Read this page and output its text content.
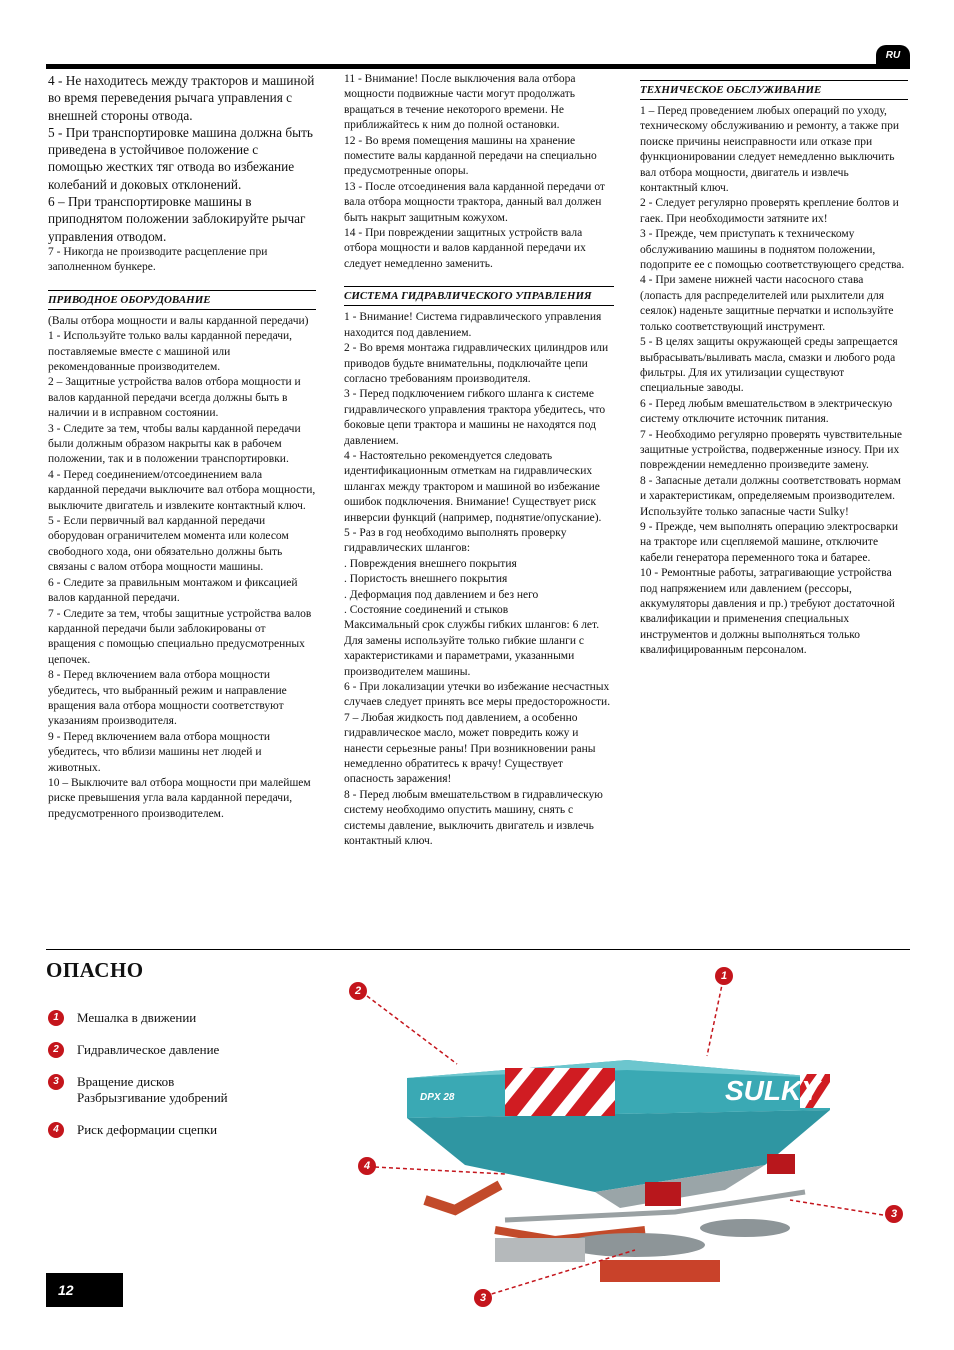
RU

4 - Не находитесь между тракторов и машиной во время переведения рычага управления с внешней стороны отвода.

5 - При транспортировке машина должна быть приведена в устойчивое положение с помощью жестких тяг отвода во избежание колебаний и доковых отклонений.

6 – При транспортировке машины в приподнятом положении заблокируйте рычаг управления отводом.

7 - Никогда не производите расцепление при заполненном бункере.

ПРИВОДНОЕ ОБОРУДОВАНИЕ

(Валы отбора мощности и валы карданной передачи)

1 - Используйте только валы карданной передачи, поставляемые вместе с машиной или рекомендованные производителем.

2 – Защитные устройства валов отбора мощности и валов карданной передачи всегда должны быть в наличии и в исправном состоянии.

3 - Следите за тем, чтобы валы карданной передачи были должным образом накрыты как в рабочем положении, так и в положении транспортировки.

4 - Перед соединением/отсоединением вала карданной передачи выключите вал отбора мощности, выключите двигатель и извлеките контактный ключ.

5 - Если первичный вал карданной передачи оборудован ограничителем момента или колесом свободного хода, они обязательно должны быть связаны с валом отбора мощности машины.

6 - Следите за правильным монтажом и фиксацией валов карданной передачи.

7 - Следите за тем, чтобы защитные устройства валов карданной передачи были заблокированы от вращения с помощью специально предусмотренных цепочек.

8 - Перед включением вала отбора мощности убедитесь, что выбранный режим и направление вращения вала отбора мощности соответствуют указаниям производителя.

9 - Перед включением вала отбора мощности убедитесь, что вблизи машины нет людей и животных.

10 – Выключите вал отбора мощности при малейшем риске превышения угла вала карданной передачи, предусмотренного производителем.

11 - Внимание! После выключения вала отбора мощности подвижные части могут продолжать вращаться в течение некоторого времени. Не приближайтесь к ним до полной остановки.

12 - Во время помещения машины на хранение поместите валы карданной передачи на специально предусмотренные опоры.

13 - После отсоединения вала карданной передачи от вала отбора мощности трактора, данный вал должен быть накрыт защитным кожухом.

14 - При повреждении защитных устройств вала отбора мощности и валов карданной передачи их следует немедленно заменить.

СИСТЕМА ГИДРАВЛИЧЕСКОГО УПРАВЛЕНИЯ

1 - Внимание! Система гидравлического управления находится под давлением.

2 - Во время монтажа гидравлических цилиндров или приводов будьте внимательны, подключайте цепи согласно требованиям производителя.

3 - Перед подключением гибкого шланга к системе гидравлического управления трактора убедитесь, что боковые цепи трактора и машины не находятся под давлением.

4 - Настоятельно рекомендуется следовать идентификационным отметкам на гидравлических шлангах между трактором и машиной во избежание ошибок подключения. Внимание! Существует риск инверсии функций (например, поднятие/опускание).

5 - Раз в год необходимо выполнять проверку гидравлических шлангов:

. Повреждения внешнего покрытия

. Пористость внешнего покрытия

. Деформация под давлением и без него

. Состояние соединений и стыков

Максимальный срок службы гибких шлангов: 6 лет. Для замены используйте только гибкие шланги с характеристиками и параметрами, указанными производителем машины.

6 - При локализации утечки во избежание несчастных случаев следует принять все меры предосторожности.

7 – Любая жидкость под давлением, а особенно гидравлическое масло, может повредить кожу и нанести серьезные раны! При возникновении раны немедленно обратитесь к врачу! Существует опасность заражения!

8 - Перед любым вмешательством в гидравлическую систему необходимо опустить машину, снять с системы давление, выключить двигатель и извлечь контактный ключ.

ТЕХНИЧЕСКОЕ ОБСЛУЖИВАНИЕ

1 – Перед проведением любых операций по уходу, техническому обслуживанию и ремонту, а также при поиске причины неисправности или отказе при функционировании следует немедленно выключить вал отбора мощности, двигатель и извлечь контактный ключ.

2 - Следует регулярно проверять крепление болтов и гаек. При необходимости затяните их!

3 - Прежде, чем приступать к техническому обслуживанию машины в поднятом положении, подоприте ее с помощью соответствующего средства.

4 - При замене нижней части насосного става (лопасть для распределителей или рыхлители для сеялок) наденьте защитные перчатки и используйте только соответствующий инструмент.

5 - В целях защиты окружающей среды запрещается выбрасывать/выливать масла, смазки и любого рода фильтры. Для их утилизации существуют специальные заводы.

6 - Перед любым вмешательством в электрическую систему отключите источник питания.

7 - Необходимо регулярно проверять чувствительные защитные устройства, подверженные износу. При их повреждении немедленно произведите замену.

8 - Запасные детали должны соответствовать нормам и характеристикам, определяемым производителем. Используйте только запасные части Sulky!

9 - Прежде, чем выполнять операцию электросварки на тракторе или сцепляемой машине, отключите кабели генератора переменного тока и батарее.

10 - Ремонтные работы, затрагивающие устройства под напряжением или давлением (рессоры, аккумуляторы давления и пр.) требуют достаточной квалификации и применения специальных инструментов и должны выполняться только квалифицированным персоналом.

ОПАСНО
1	Мешалка в движении
2	Гидравлическое давление
3	Вращение дисков
Разбрызгивание удобрений
4	Риск деформации сцепки
SULKY
DPX 28
2
1
4
3
3
12
